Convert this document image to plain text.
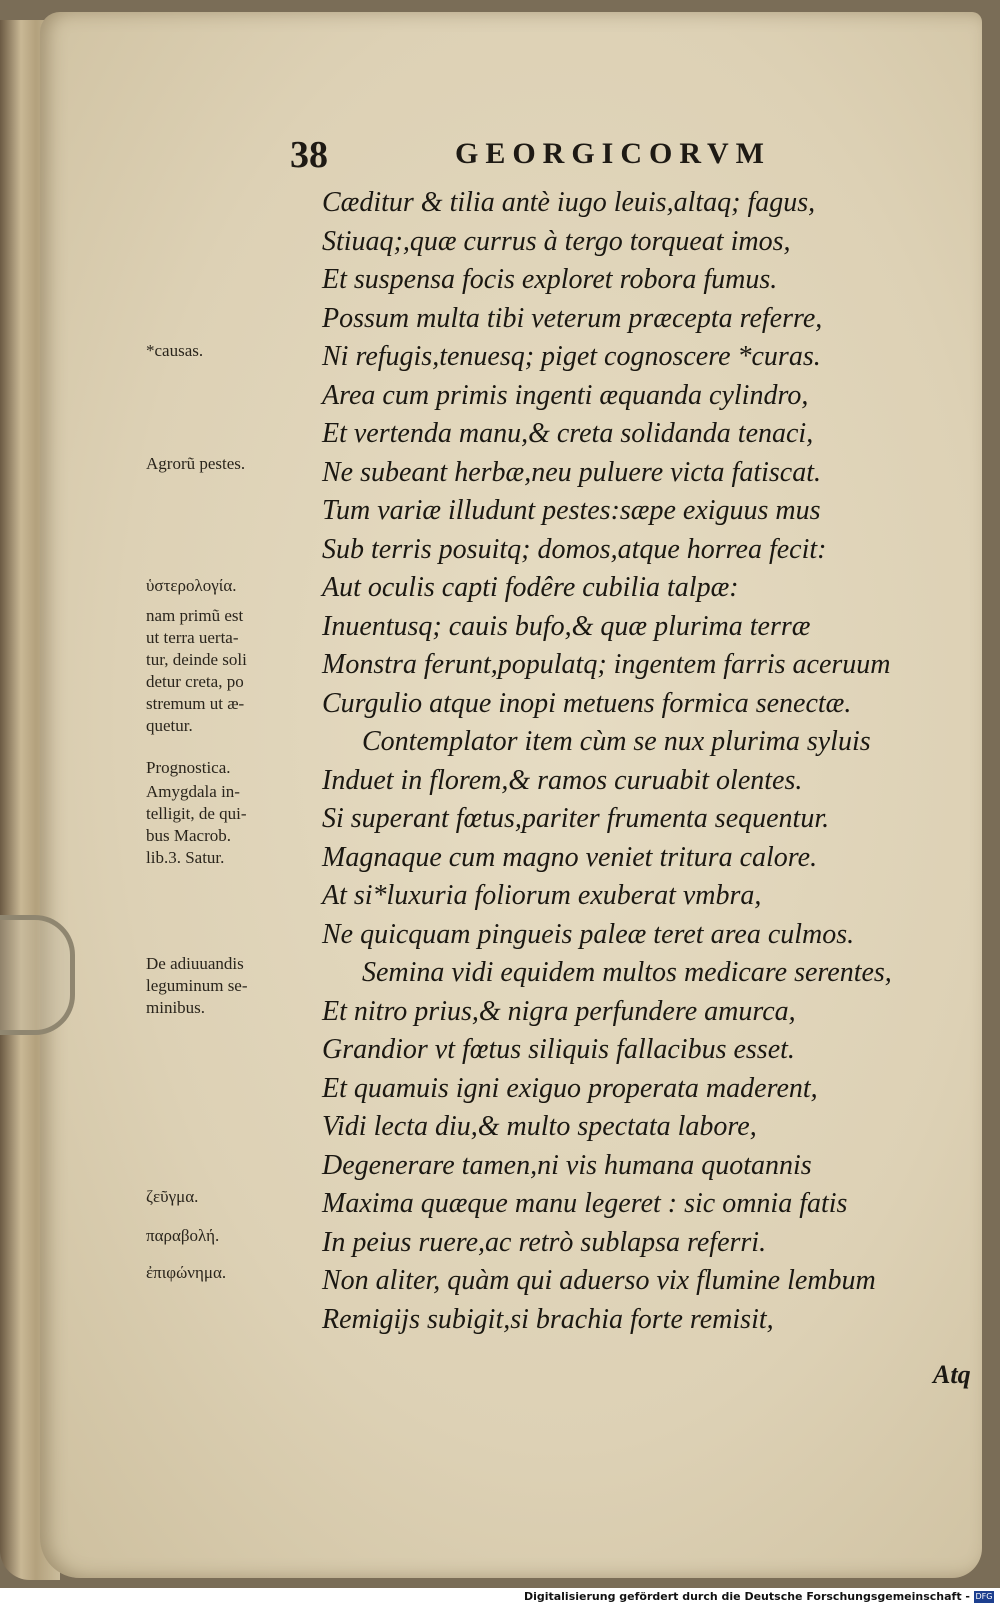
38	GEORGICORVM
Cæditur & tilia antè iugo leuis,altaq; fagus,
Stiuaq;,quæ currus à tergo torqueat imos,
Et suspensa focis exploret robora fumus.
Possum multa tibi veterum præcepta referre,
Ni refugis,tenuesq; piget cognoscere *curas.
Area cum primis ingenti æquanda cylindro,
Et vertenda manu,& creta solidanda tenaci,
Ne subeant herbæ,neu puluere victa fatiscat.
Tum variæ illudunt pestes:sæpe exiguus mus
Sub terris posuitq; domos,atque horrea fecit:
Aut oculis capti fodêre cubilia talpæ:
Inuentusq; cauis bufo,& quæ plurima terræ
Monstra ferunt,populatq; ingentem farris aceruum
Curgulio atque inopi metuens formica senectæ.
Contemplator item cùm se nux plurima syluis
Induet in florem,& ramos curuabit olentes.
Si superant fœtus,pariter frumenta sequentur.
Magnaque cum magno veniet tritura calore.
At si*luxuria foliorum exuberat vmbra,
Ne quicquam pingueis paleæ teret area culmos.
Semina vidi equidem multos medicare serentes,
Et nitro prius,& nigra perfundere amurca,
Grandior vt fœtus siliquis fallacibus esset.
Et quamuis igni exiguo properata maderent,
Vidi lecta diu,& multo spectata labore,
Degenerare tamen,ni vis humana quotannis
Maxima quæque manu legeret : sic omnia fatis
In peius ruere,ac retrò sublapsa referri.
Non aliter, quàm qui aduerso vix flumine lembum
Remigijs subigit,si brachia forte remisit,
*causas.
Agrorũ pestes.
ὑστερολογία.
nam primũ est
ut terra uerta-
tur, deinde soli
detur creta, po
stremum ut æ-
quetur.
Prognostica.
Amygdala in-
telligit, de qui-
bus Macrob.
lib.3. Satur.
De adiuuandis
leguminum se-
minibus.
ζεῦγμα.
παραβολή.
ἐπιφώνημα.
Atq
Digitalisierung gefördert durch die Deutsche Forschungsgemeinschaft - DFG
